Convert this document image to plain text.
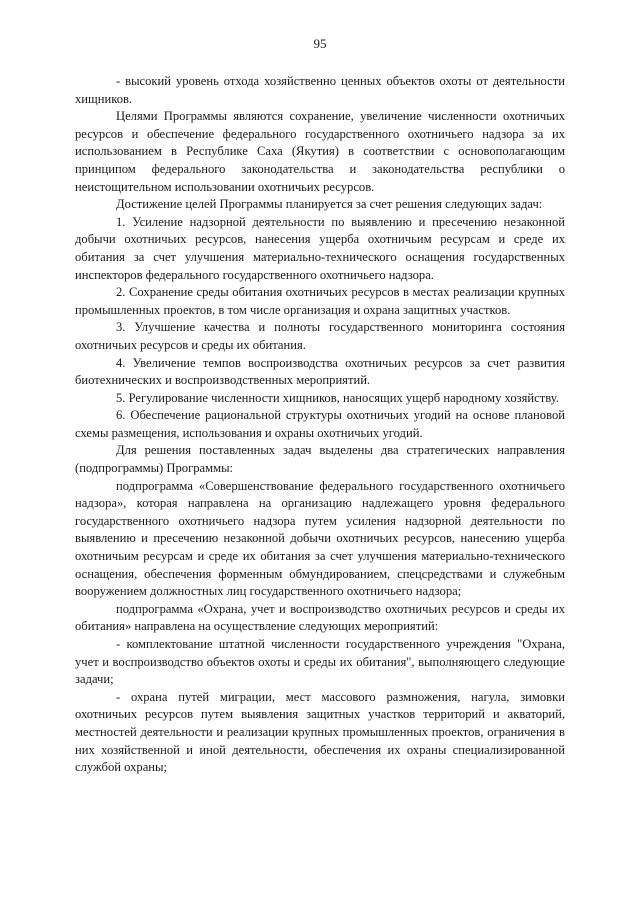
95

- высокий уровень отхода хозяйственно ценных объектов охоты от деятельности хищников.

Целями Программы являются сохранение, увеличение численности охотничьих ресурсов и обеспечение федерального государственного охотничьего надзора за их использованием в Республике Саха (Якутия) в соответствии с основополагающим принципом федерального законодательства и законодательства республики о неистощительном использовании охотничьих ресурсов.

Достижение целей Программы планируется за счет решения следующих задач:

1. Усиление надзорной деятельности по выявлению и пресечению незаконной добычи охотничьих ресурсов, нанесения ущерба охотничьим ресурсам и среде их обитания за счет улучшения материально-технического оснащения государственных инспекторов федерального государственного охотничьего надзора.

2. Сохранение среды обитания охотничьих ресурсов в местах реализации крупных промышленных проектов, в том числе организация и охрана защитных участков.

3. Улучшение качества и полноты государственного мониторинга состояния охотничьих ресурсов и среды их обитания.

4. Увеличение темпов воспроизводства охотничьих ресурсов за счет развития биотехнических и воспроизводственных мероприятий.

5. Регулирование численности хищников, наносящих ущерб народному хозяйству.

6. Обеспечение рациональной структуры охотничьих угодий на основе плановой схемы размещения, использования и охраны охотничьих угодий.

Для решения поставленных задач выделены два стратегических направления (подпрограммы) Программы:

подпрограмма «Совершенствование федерального государственного охотничьего надзора», которая направлена на организацию надлежащего уровня федерального государственного охотничьего надзора путем усиления надзорной деятельности по выявлению и пресечению незаконной добычи охотничьих ресурсов, нанесению ущерба охотничьим ресурсам и среде их обитания за счет улучшения материально-технического оснащения, обеспечения форменным обмундированием, спецсредствами и служебным вооружением должностных лиц государственного охотничьего надзора;

подпрограмма «Охрана, учет и воспроизводство охотничьих ресурсов и среды их обитания» направлена на осуществление следующих мероприятий:

- комплектование штатной численности государственного учреждения "Охрана, учет и воспроизводство объектов охоты и среды их обитания", выполняющего следующие задачи;

- охрана путей миграции, мест массового размножения, нагула, зимовки охотничьих ресурсов путем выявления защитных участков территорий и акваторий, местностей деятельности и реализации крупных промышленных проектов, ограничения в них хозяйственной и иной деятельности, обеспечения их охраны специализированной службой охраны;
